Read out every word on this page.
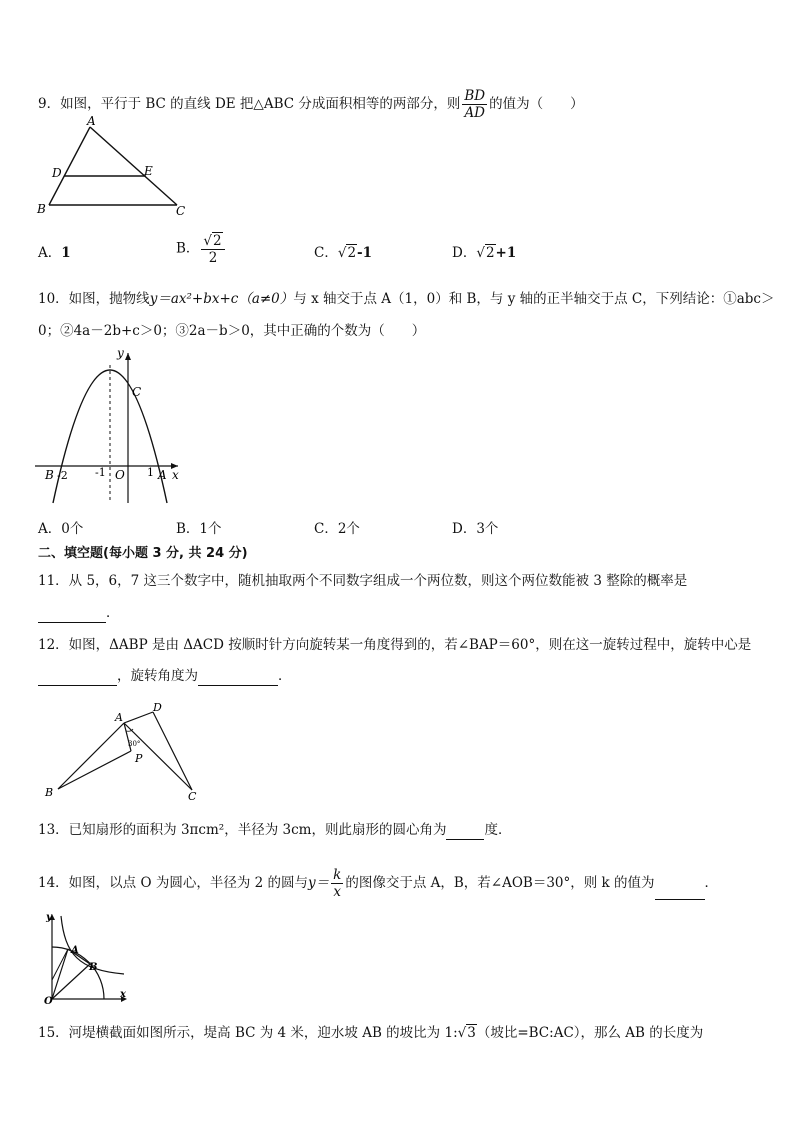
9．如图，平行于 BC 的直线 DE 把△ABC 分成面积相等的两部分，则 $\frac{BD}{AD}$ 的值为（　　）
A
D	E
B	C
A．1	B． $\frac{√2}{2}$	C．√2-1	D．√2+1
10．如图，抛物线y＝ax²+bx+c（a≠0）与 x 轴交于点 A（1，0）和 B，与 y 轴的正半轴交于点 C，下列结论：①abc＞
0；②4a－2b+c＞0；③2a－b＞0，其中正确的个数为（　　）
y
x
C
B -2 -1 O 1 A
A．0个	B．1个	C．2个	D．3个
二、填空题(每小题 3 分, 共 24 分)
11．从 5，6，7 这三个数字中，随机抽取两个不同数字组成一个两位数，则这个两位数能被 3 整除的概率是
．
12．如图，ΔABP 是由 ΔACD 按顺时针方向旋转某一角度得到的，若∠BAP＝60°，则在这一旋转过程中，旋转中心是
，旋转角度为	．
A
D
30°
P
B	C
13．已知扇形的面积为 3πcm²，半径为 3cm，则此扇形的圆心角为	度．
14．如图，以点 O 为圆心，半径为 2 的圆与$y= \frac{k}{x}$ 的图像交于点 A，B，若∠AOB＝30°，则 k 的值为	．
y
x
A
B
O
15．河堤横截面如图所示，堤高 BC 为 4 米，迎水坡 AB 的坡比为 1:√3（坡比=BC:AC），那么 AB 的长度为
